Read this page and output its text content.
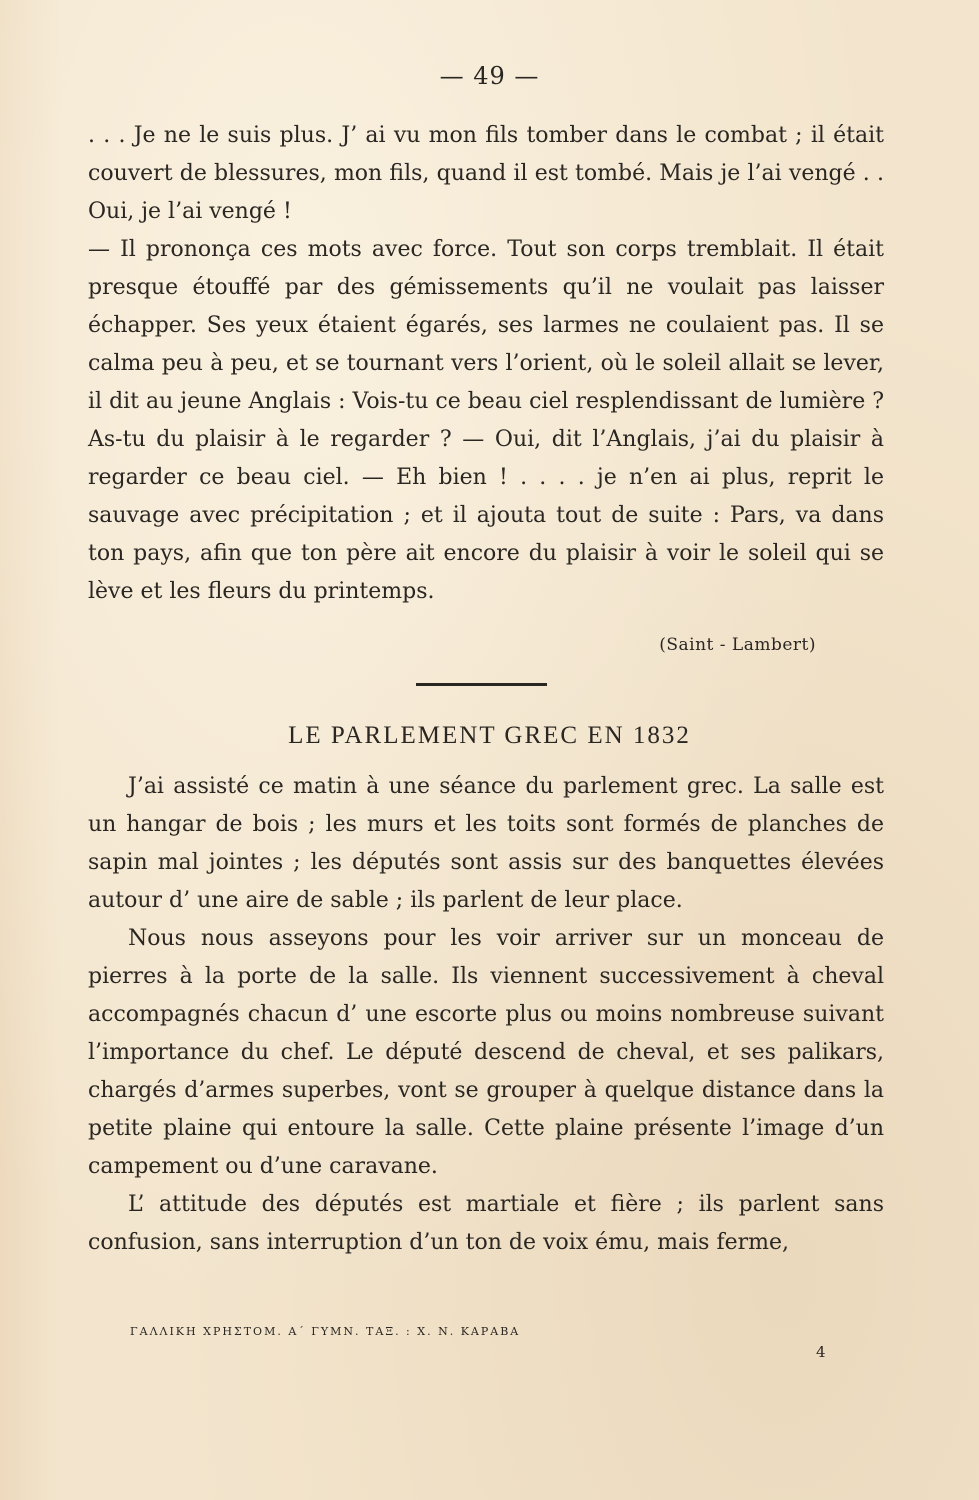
— 49 —

. . . Je ne le suis plus. J’ ai vu mon fils tomber dans le combat ; il était couvert de blessures, mon fils, quand il est tombé. Mais je l’ai vengé . . Oui, je l’ai vengé !

— Il prononça ces mots avec force. Tout son corps tremblait. Il était presque étouffé par des gémissements qu’il ne voulait pas laisser échapper. Ses yeux étaient égarés, ses larmes ne coulaient pas. Il se calma peu à peu, et se tournant vers l’orient, où le soleil allait se lever, il dit au jeune Anglais : Vois-tu ce beau ciel resplendissant de lumière ? As-tu du plaisir à le regarder ? — Oui, dit l’Anglais, j’ai du plaisir à regarder ce beau ciel. — Eh bien ! . . . . je n’en ai plus, reprit le sauvage avec précipitation ; et il ajouta tout de suite : Pars, va dans ton pays, afin que ton père ait encore du plaisir à voir le soleil qui se lève et les fleurs du printemps.

(Saint - Lambert)
LE PARLEMENT GREC EN 1832

J’ai assisté ce matin à une séance du parlement grec. La salle est un hangar de bois ; les murs et les toits sont formés de planches de sapin mal jointes ; les députés sont assis sur des banquettes élevées autour d’ une aire de sable ; ils parlent de leur place.

Nous nous asseyons pour les voir arriver sur un monceau de pierres à la porte de la salle. Ils viennent successivement à cheval accompagnés chacun d’ une escorte plus ou moins nombreuse suivant l’importance du chef. Le député descend de cheval, et ses palikars, chargés d’armes superbes, vont se grouper à quelque distance dans la petite plaine qui entoure la salle. Cette plaine présente l’image d’un campement ou d’une caravane.

L’ attitude des députés est martiale et fière ; ils parlent sans confusion, sans interruption d’un ton de voix ému, mais ferme,

ΓΑΛΛΙΚΗ ΧΡΗΣΤΟΜ. Α΄ ΓΥΜΝ. ΤΑΞ. : Χ. Ν. ΚΑΡΑΒΑ
4
